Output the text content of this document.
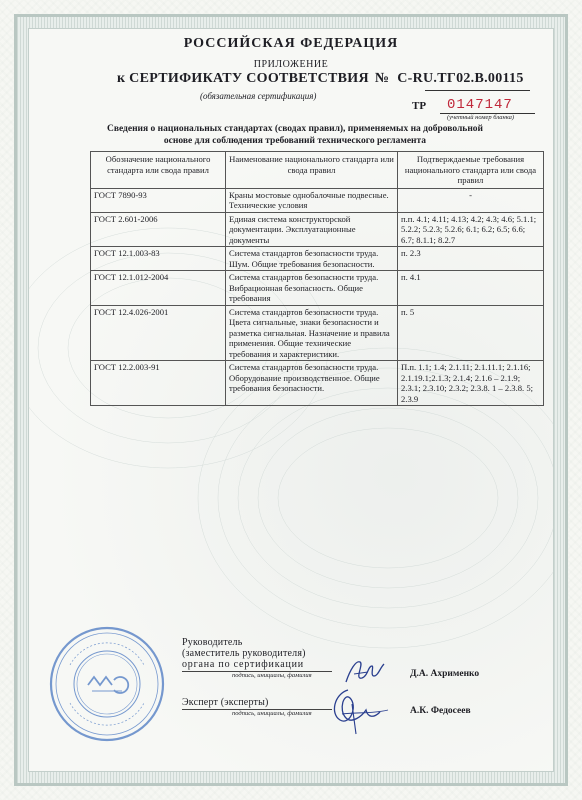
РОССИЙСКАЯ ФЕДЕРАЦИЯ
ПРИЛОЖЕНИЕ
к СЕРТИФИКАТУ СООТВЕТСТВИЯ № C-RU.ТГ02.В.00115
(обязательная сертификация)
ТР 0147147
(учетный номер бланка)
Сведения о национальных стандартах (сводах правил), применяемых на добровольной основе для соблюдения требований технического регламента
Обозначение национального стандарта или свода правил	Наименование национального стандарта или свода правил	Подтверждаемые требования национального стандарта или свода правил
ГОСТ 7890-93	Краны мостовые однобалочные подвесные. Технические условия	-
ГОСТ 2.601-2006	Единая система конструкторской документации. Эксплуатационные документы	п.п. 4.1; 4.11; 4.13; 4.2; 4.3; 4.6; 5.1.1; 5.2.2; 5.2.3; 5.2.6; 6.1; 6.2; 6.5; 6.6; 6.7; 8.1.1; 8.2.7
ГОСТ 12.1.003-83	Система стандартов безопасности труда. Шум. Общие требования безопасности.	п. 2.3
ГОСТ 12.1.012-2004	Система стандартов безопасности труда. Вибрационная безопасность. Общие требования	п. 4.1
ГОСТ 12.4.026-2001	Система стандартов безопасности труда. Цвета сигнальные, знаки безопасности и разметка сигнальная. Назначение и правила применения. Общие технические требования и характеристики.	п. 5
ГОСТ 12.2.003-91	Система стандартов безопасности труда. Оборудование производственное. Общие требования безопасности.	П.п. 1.1; 1.4; 2.1.11; 2.1.11.1; 2.1.16; 2.1.19.1;2.1.3; 2.1.4; 2.1.6 – 2.1.9; 2.3.1; 2.3.10; 2.3.2; 2.3.8. 1 – 2.3.8. 5; 2.3.9
Руководитель
(заместитель руководителя)
органа по сертификации
подпись, инициалы, фамилия	Д.А. Ахрименко
Эксперт (эксперты)
подпись, инициалы, фамилия	А.К. Федосеев
